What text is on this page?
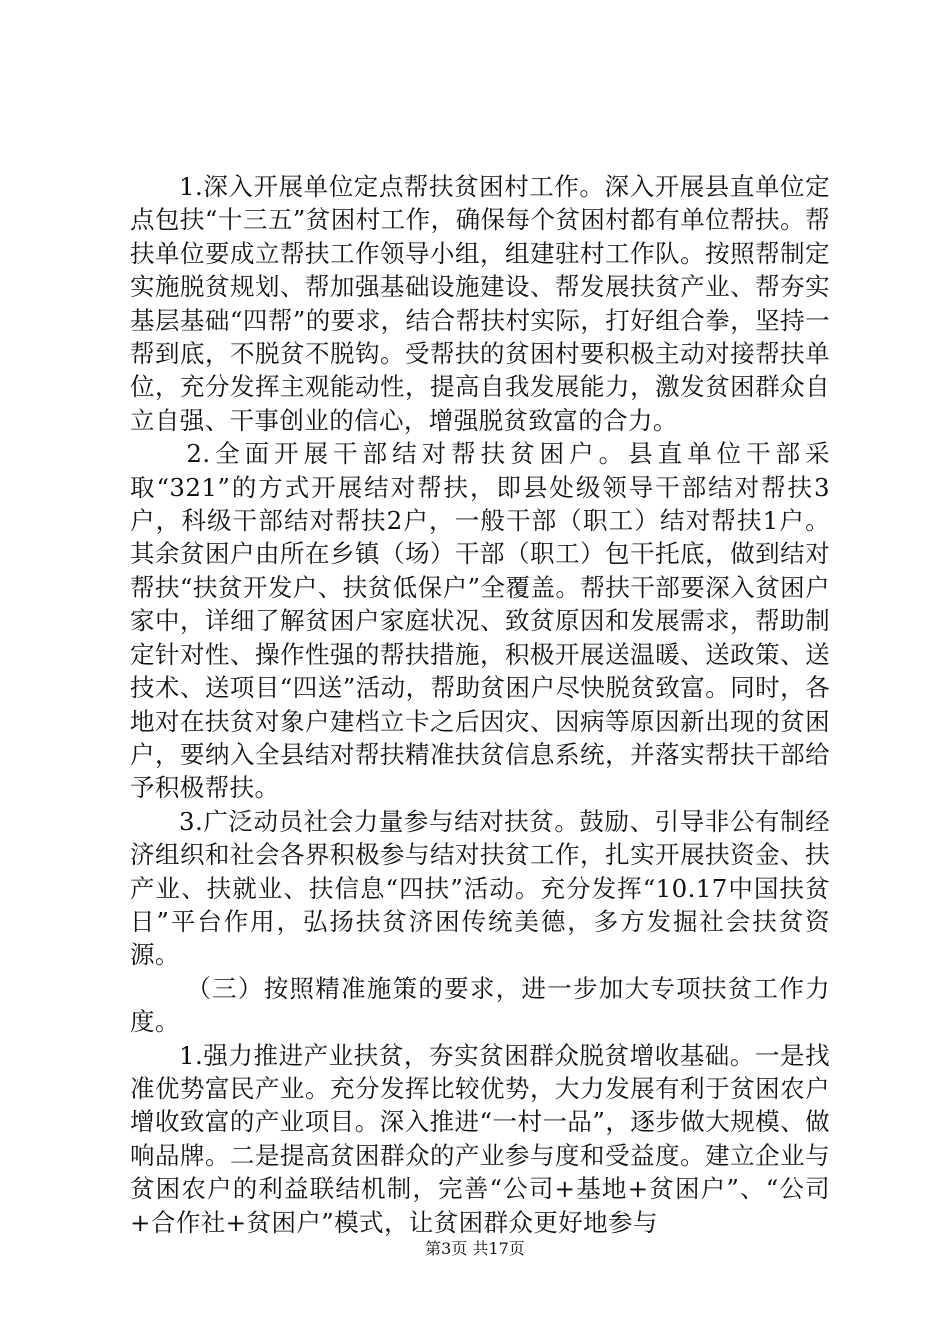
1.深入开展单位定点帮扶贫困村工作。深入开展县直单位定点包扶“十三五”贫困村工作，确保每个贫困村都有单位帮扶。帮扶单位要成立帮扶工作领导小组，组建驻村工作队。按照帮制定实施脱贫规划、帮加强基础设施建设、帮发展扶贫产业、帮夯实基层基础“四帮”的要求，结合帮扶村实际，打好组合拳，坚持一帮到底，不脱贫不脱钩。受帮扶的贫困村要积极主动对接帮扶单位，充分发挥主观能动性，提高自我发展能力，激发贫困群众自立自强、干事创业的信心，增强脱贫致富的合力。

2.全面开展干部结对帮扶贫困户。县直单位干部采取“321”的方式开展结对帮扶，即县处级领导干部结对帮扶3户，科级干部结对帮扶2户，一般干部（职工）结对帮扶1户。其余贫困户由所在乡镇（场）干部（职工）包干托底，做到结对帮扶“扶贫开发户、扶贫低保户”全覆盖。帮扶干部要深入贫困户家中，详细了解贫困户家庭状况、致贫原因和发展需求，帮助制定针对性、操作性强的帮扶措施，积极开展送温暖、送政策、送技术、送项目“四送”活动，帮助贫困户尽快脱贫致富。同时，各地对在扶贫对象户建档立卡之后因灾、因病等原因新出现的贫困户，要纳入全县结对帮扶精准扶贫信息系统，并落实帮扶干部给予积极帮扶。

3.广泛动员社会力量参与结对扶贫。鼓励、引导非公有制经济组织和社会各界积极参与结对扶贫工作，扎实开展扶资金、扶产业、扶就业、扶信息“四扶”活动。充分发挥“10.17中国扶贫日”平台作用，弘扬扶贫济困传统美德，多方发掘社会扶贫资源。

（三）按照精准施策的要求，进一步加大专项扶贫工作力度。

1.强力推进产业扶贫，夯实贫困群众脱贫增收基础。一是找准优势富民产业。充分发挥比较优势，大力发展有利于贫困农户增收致富的产业项目。深入推进“一村一品”，逐步做大规模、做响品牌。二是提高贫困群众的产业参与度和受益度。建立企业与贫困农户的利益联结机制，完善“公司+基地+贫困户”、“公司+合作社+贫困户”模式，让贫困群众更好地参与

第3页 共17页
